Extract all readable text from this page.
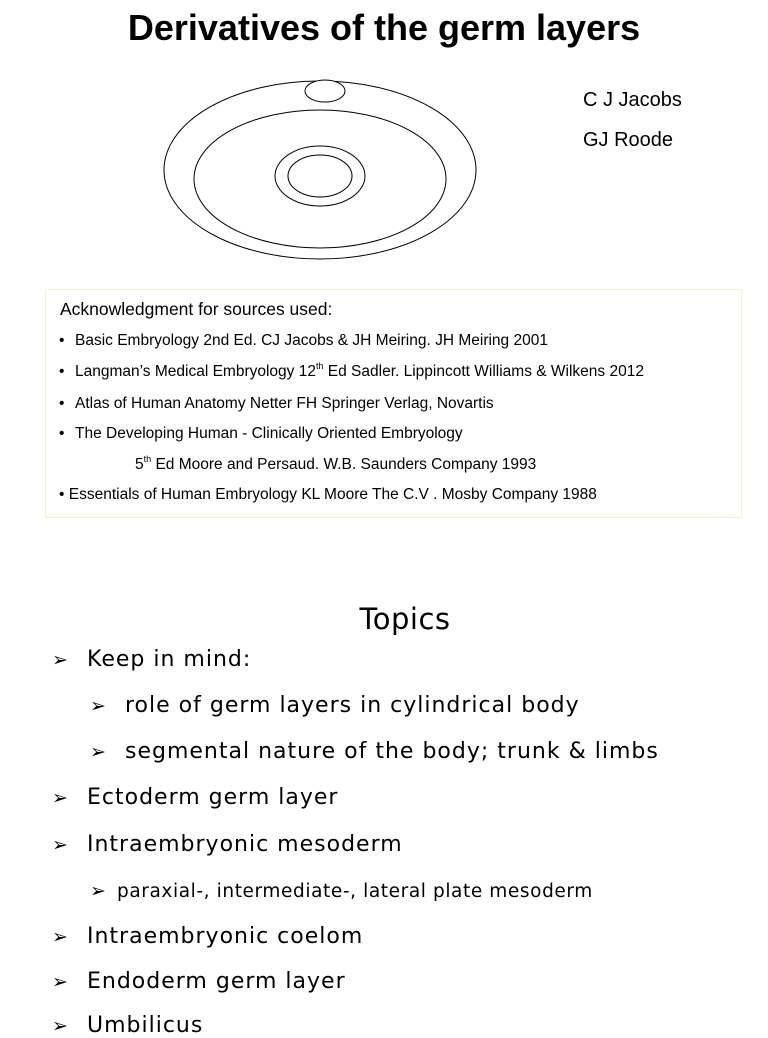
Derivatives of the germ layers
C J Jacobs
GJ Roode
Acknowledgment for sources used:
• Basic Embryology 2nd Ed. CJ Jacobs & JH Meiring. JH Meiring 2001
• Langman’s Medical Embryology 12th Ed Sadler. Lippincott Williams & Wilkens 2012
• Atlas of Human Anatomy Netter FH Springer Verlag, Novartis
• The Developing Human - Clinically Oriented Embryology
5th Ed Moore and Persaud. W.B. Saunders Company 1993
• Essentials of Human Embryology KL Moore The C.V . Mosby Company 1988
Topics
➢ Keep in mind:
➢ role of germ layers in cylindrical body
➢ segmental nature of the body; trunk & limbs
➢ Ectoderm germ layer
➢ Intraembryonic mesoderm
➢ paraxial-, intermediate-, lateral plate mesoderm
➢ Intraembryonic coelom
➢ Endoderm germ layer
➢ Umbilicus
